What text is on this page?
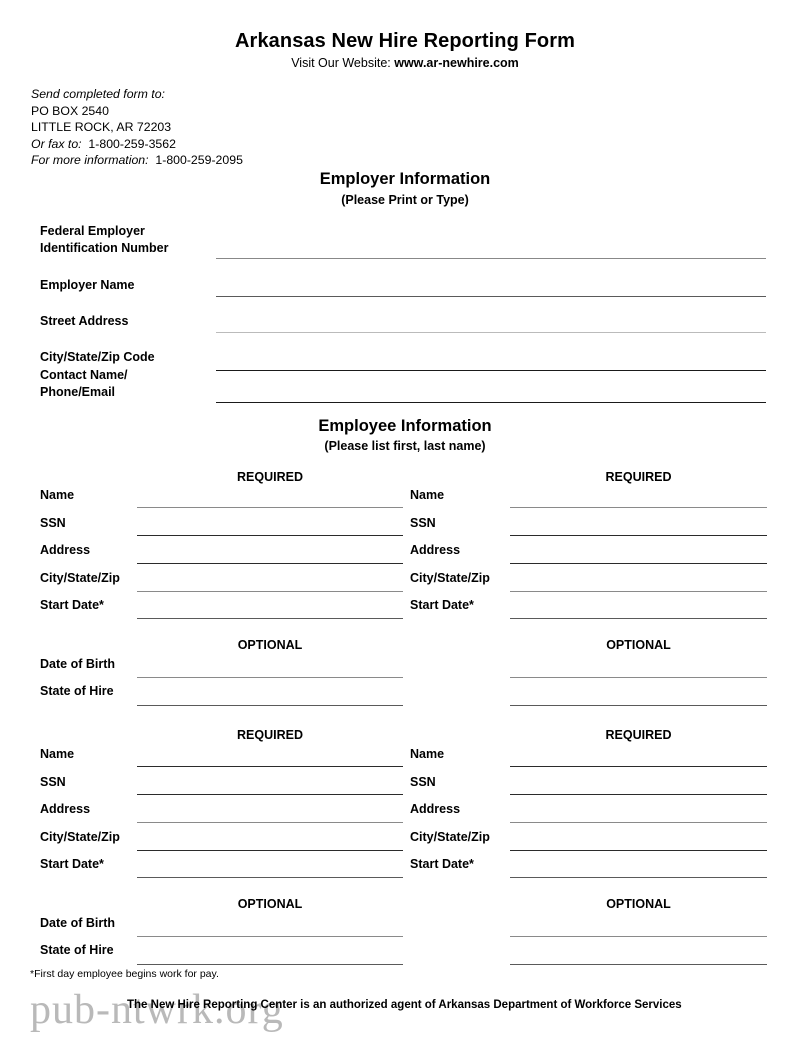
Arkansas New Hire Reporting Form
Visit Our Website: www.ar-newhire.com
Send completed form to:
PO BOX 2540
LITTLE ROCK, AR 72203
Or fax to: 1-800-259-3562
For more information: 1-800-259-2095
Employer Information
(Please Print or Type)
Federal Employer
Identification Number
Employer Name
Street Address
City/State/Zip Code
Contact Name/
Phone/Email
Employee Information
(Please list first, last name)
REQUIRED	REQUIRED
Name
SSN
Address
City/State/Zip
Start Date*
Name
SSN
Address
City/State/Zip
Start Date*
OPTIONAL	OPTIONAL
Date of Birth
State of Hire
REQUIRED	REQUIRED
Name
SSN
Address
City/State/Zip
Start Date*
Name
SSN
Address
City/State/Zip
Start Date*
OPTIONAL	OPTIONAL
Date of Birth
State of Hire
*First day employee begins work for pay.
pub-ntwrk.org
The New Hire Reporting Center is an authorized agent of Arkansas Department of Workforce Services
